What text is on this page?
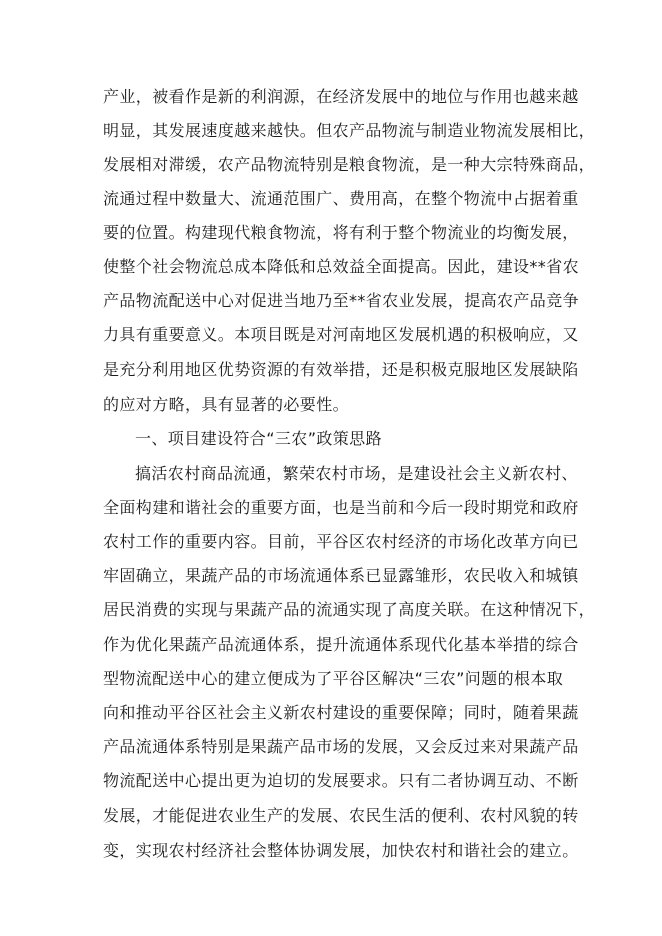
产业，被看作是新的利润源，在经济发展中的地位与作用也越来越
明显，其发展速度越来越快。但农产品物流与制造业物流发展相比，
发展相对滞缓，农产品物流特别是粮食物流，是一种大宗特殊商品，
流通过程中数量大、流通范围广、费用高，在整个物流中占据着重
要的位置。构建现代粮食物流，将有利于整个物流业的均衡发展，
使整个社会物流总成本降低和总效益全面提高。因此，建设**省农
产品物流配送中心对促进当地乃至**省农业发展，提高农产品竞争
力具有重要意义。本项目既是对河南地区发展机遇的积极响应，又
是充分利用地区优势资源的有效举措，还是积极克服地区发展缺陷
的应对方略，具有显著的必要性。
一、项目建设符合“三农”政策思路
搞活农村商品流通，繁荣农村市场，是建设社会主义新农村、
全面构建和谐社会的重要方面，也是当前和今后一段时期党和政府
农村工作的重要内容。目前，平谷区农村经济的市场化改革方向已
牢固确立，果蔬产品的市场流通体系已显露雏形，农民收入和城镇
居民消费的实现与果蔬产品的流通实现了高度关联。在这种情况下，
作为优化果蔬产品流通体系，提升流通体系现代化基本举措的综合
型物流配送中心的建立便成为了平谷区解决“三农”问题的根本取
向和推动平谷区社会主义新农村建设的重要保障；同时，随着果蔬
产品流通体系特别是果蔬产品市场的发展，又会反过来对果蔬产品
物流配送中心提出更为迫切的发展要求。只有二者协调互动、不断
发展，才能促进农业生产的发展、农民生活的便利、农村风貌的转
变，实现农村经济社会整体协调发展，加快农村和谐社会的建立。
